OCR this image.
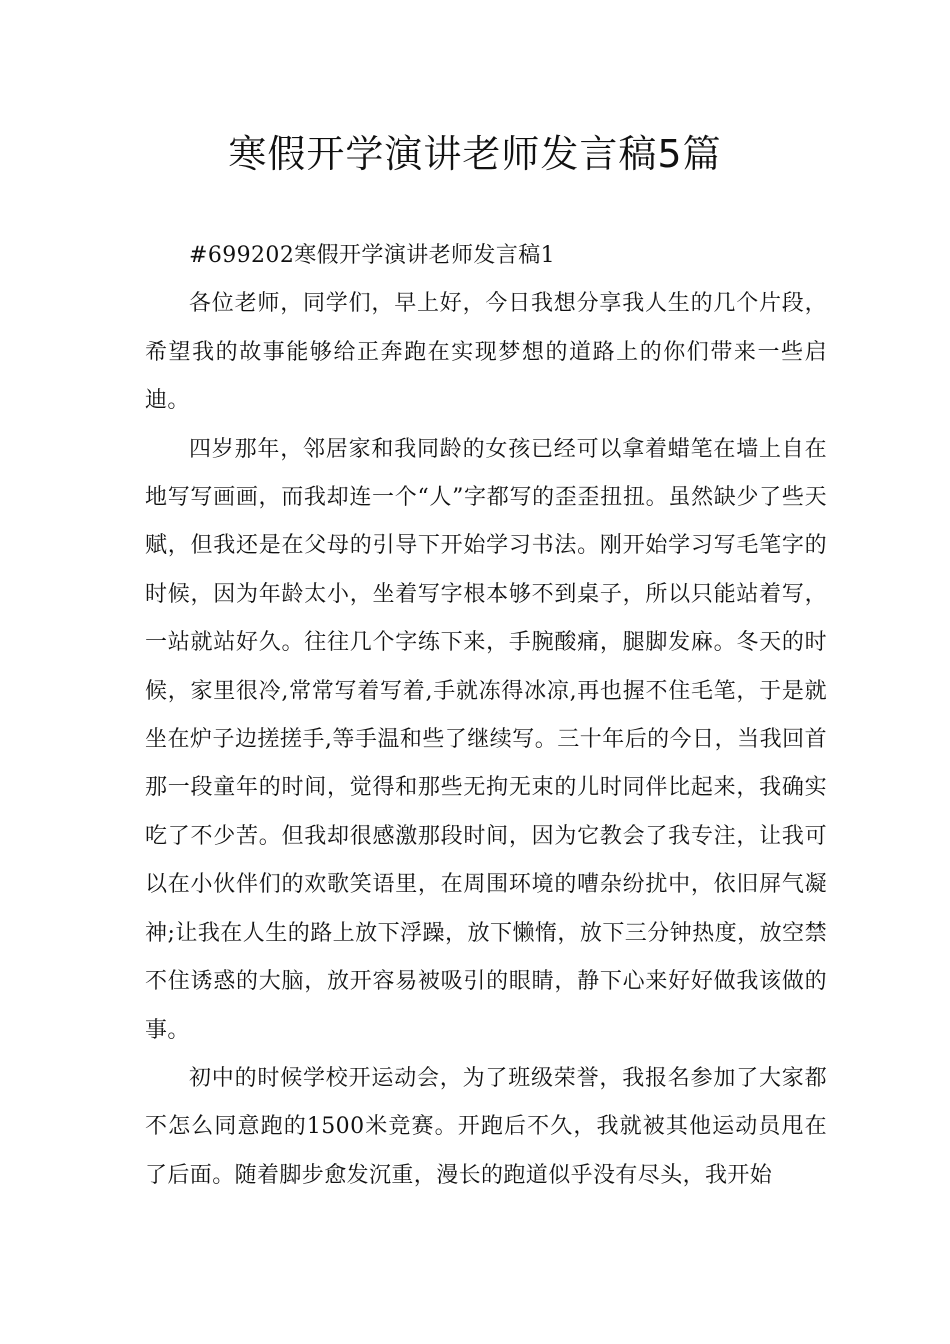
寒假开学演讲老师发言稿5篇

#699202寒假开学演讲老师发言稿1

各位老师，同学们，早上好，今日我想分享我人生的几个片段，希望我的故事能够给正奔跑在实现梦想的道路上的你们带来一些启迪。

四岁那年，邻居家和我同龄的女孩已经可以拿着蜡笔在墙上自在地写写画画，而我却连一个“人”字都写的歪歪扭扭。虽然缺少了些天赋，但我还是在父母的引导下开始学习书法。刚开始学习写毛笔字的时候，因为年龄太小，坐着写字根本够不到桌子，所以只能站着写，一站就站好久。往往几个字练下来，手腕酸痛，腿脚发麻。冬天的时候，家里很冷,常常写着写着,手就冻得冰凉,再也握不住毛笔，于是就坐在炉子边搓搓手,等手温和些了继续写。三十年后的今日，当我回首那一段童年的时间，觉得和那些无拘无束的儿时同伴比起来，我确实吃了不少苦。但我却很感激那段时间，因为它教会了我专注，让我可以在小伙伴们的欢歌笑语里，在周围环境的嘈杂纷扰中，依旧屏气凝神;让我在人生的路上放下浮躁，放下懒惰，放下三分钟热度，放空禁不住诱惑的大脑，放开容易被吸引的眼睛，静下心来好好做我该做的事。

初中的时候学校开运动会，为了班级荣誉，我报名参加了大家都不怎么同意跑的1500米竞赛。开跑后不久，我就被其他运动员甩在了后面。随着脚步愈发沉重，漫长的跑道似乎没有尽头，我开始
